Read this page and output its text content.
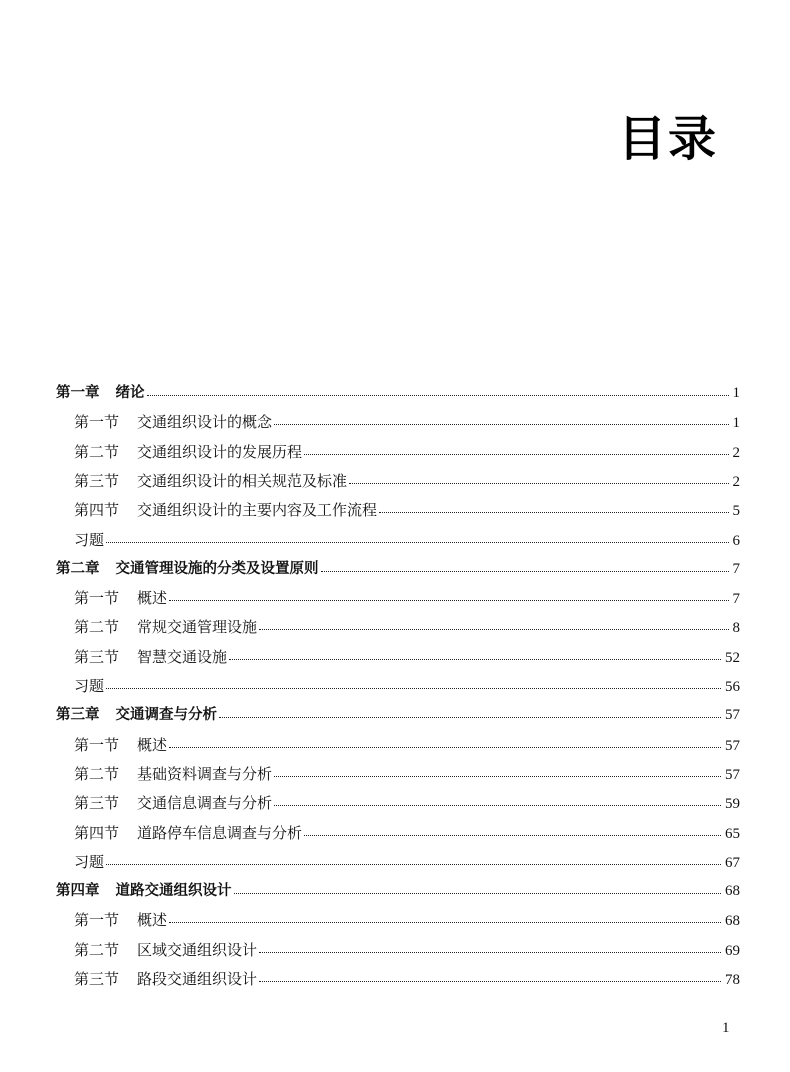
目录
第一章 绪论	1
第一节 交通组织设计的概念	1
第二节 交通组织设计的发展历程	2
第三节 交通组织设计的相关规范及标准	2
第四节 交通组织设计的主要内容及工作流程	5
习题	6
第二章 交通管理设施的分类及设置原则	7
第一节 概述	7
第二节 常规交通管理设施	8
第三节 智慧交通设施	52
习题	56
第三章 交通调查与分析	57
第一节 概述	57
第二节 基础资料调查与分析	57
第三节 交通信息调查与分析	59
第四节 道路停车信息调查与分析	65
习题	67
第四章 道路交通组织设计	68
第一节 概述	68
第二节 区域交通组织设计	69
第三节 路段交通组织设计	78
1
